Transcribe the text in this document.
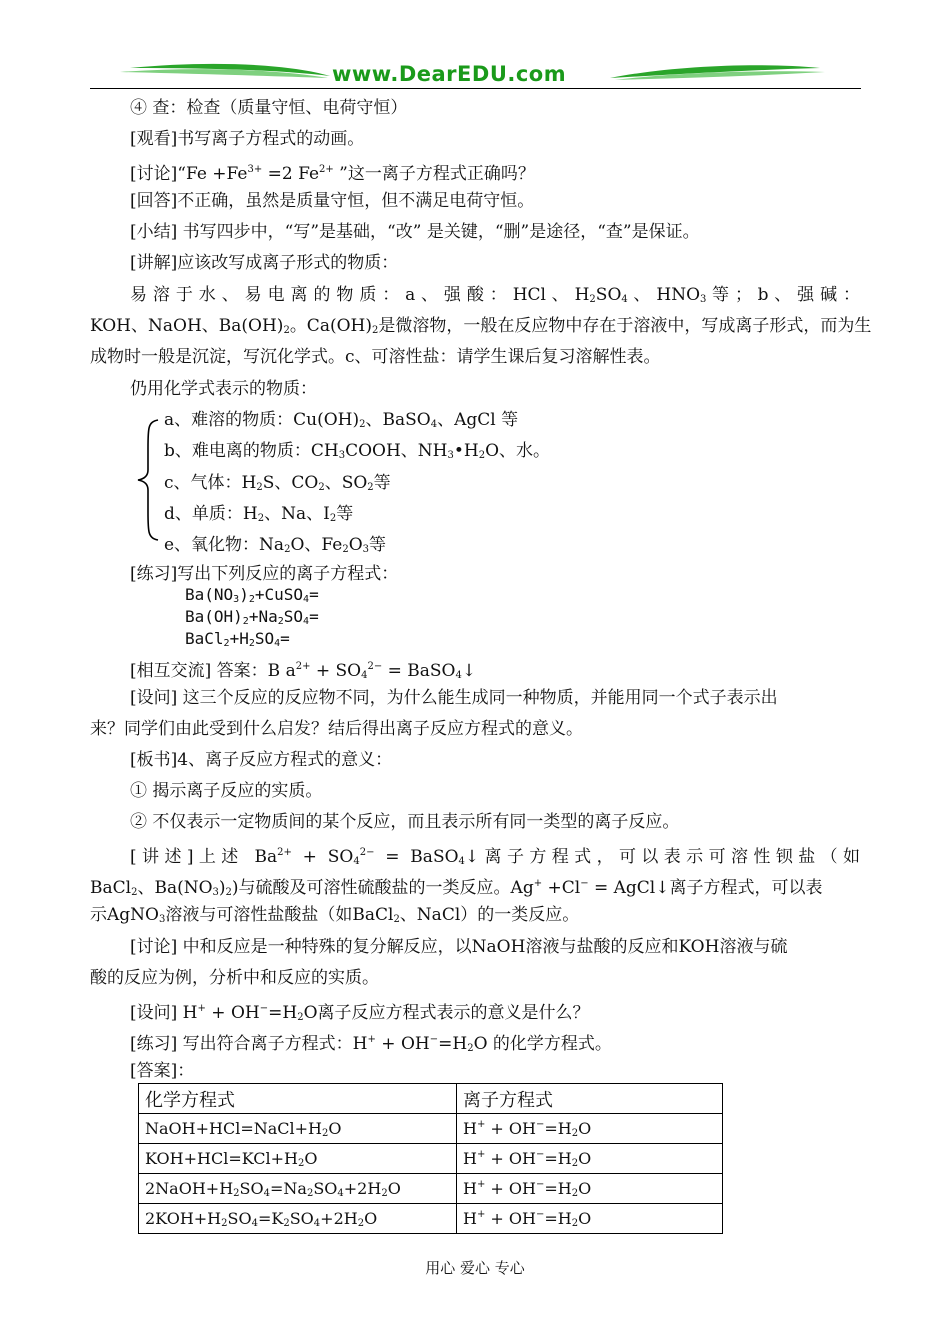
www.DearEDU.com
④ 查：检查（质量守恒、电荷守恒）
[观看]书写离子方程式的动画。
[讨论]“Fe $+Fe^{3+} =2$ $Fe^{2+}$ ”这一离子方程式正确吗？
[回答]不正确，虽然是质量守恒，但不满足电荷守恒。
[小结] 书写四步中，“写”是基础，“改” 是关键，“删”是途径，“查”是保证。
[讲解]应该改写成离子形式的物质：
易 溶 于 水 、 易 电 离 的 物 质 ： a 、 强 酸 ： HCl 、 $H_2SO_4$ 、 $HNO_3$ 等 ； b 、 强 碱 ：
KOH、NaOH、$Ba(OH)_2$。$Ca(OH)_2$是微溶物，一般在反应物中存在于溶液中，写成离子形式，而为生
成物时一般是沉淀，写沉化学式。c、可溶性盐：请学生课后复习溶解性表。
仍用化学式表示的物质：
a、难溶的物质：$Cu(OH)_2$、BaSO$_4$、AgCl 等
b、难电离的物质：$CH_3COOH$、$NH_3•H_2O$、水。
c、气体：$H_2S$、$CO_2$、$SO_2$等
d、单质：$H_2$、Na、$I_2$等
e、氧化物：$Na_2O$、$Fe_2O_3$等
[练习]写出下列反应的离子方程式：
$Ba(NO_3)_2+CuSO_4=$
$Ba(OH)_2+Na_2SO_4=$
$BaCl_2+H_2SO_4=$
[相互交流] 答案：B $a^{2+} + SO_4^{2-}$ = BaSO$_4$↓
[设问] 这三个反应的反应物不同，为什么能生成同一种物质，并能用同一个式子表示出
来？同学们由此受到什么启发？结后得出离子反应方程式的意义。
[板书]4、离子反应方程式的意义：
① 揭示离子反应的实质。
② 不仅表示一定物质间的某个反应，而且表示所有同一类型的离子反应。
[讲述]上述 $Ba^{2+} + SO_4^{2-}$ = BaSO$_4$↓离子方程式，可以表示可溶性钡盐（如
BaCl$_2$、$Ba(NO_3)_2$)与硫酸及可溶性硫酸盐的一类反应。Ag+ +Cl− = AgCl↓离子方程式，可以表
示AgNO$_3$溶液与可溶性盐酸盐（如BaCl$_2$、NaCl）的一类反应。
[讨论] 中和反应是一种特殊的复分解反应，以NaOH溶液与盐酸的反应和KOH溶液与硫
酸的反应为例，分析中和反应的实质。
[设问] $H^+ + OH^-=H_2O$离子反应方程式表示的意义是什么？
[练习] 写出符合离子方程式：$H^+ + OH^-=H_2O$ 的化学方程式。
[答案]：
化学方程式	离子方程式
$NaOH+HCl=NaCl+H_2O$	$H^+ + OH^-=H_2O$
$KOH+HCl=KCl+H_2O$	$H^+ + OH^-=H_2O$
$2NaOH+H_2SO_4=Na_2SO_4+2H_2O$	$H^+ + OH^-=H_2O$
$2KOH+H_2SO_4=K_2SO_4+2H_2O$	$H^+ + OH^-=H_2O$
用心 爱心 专心
